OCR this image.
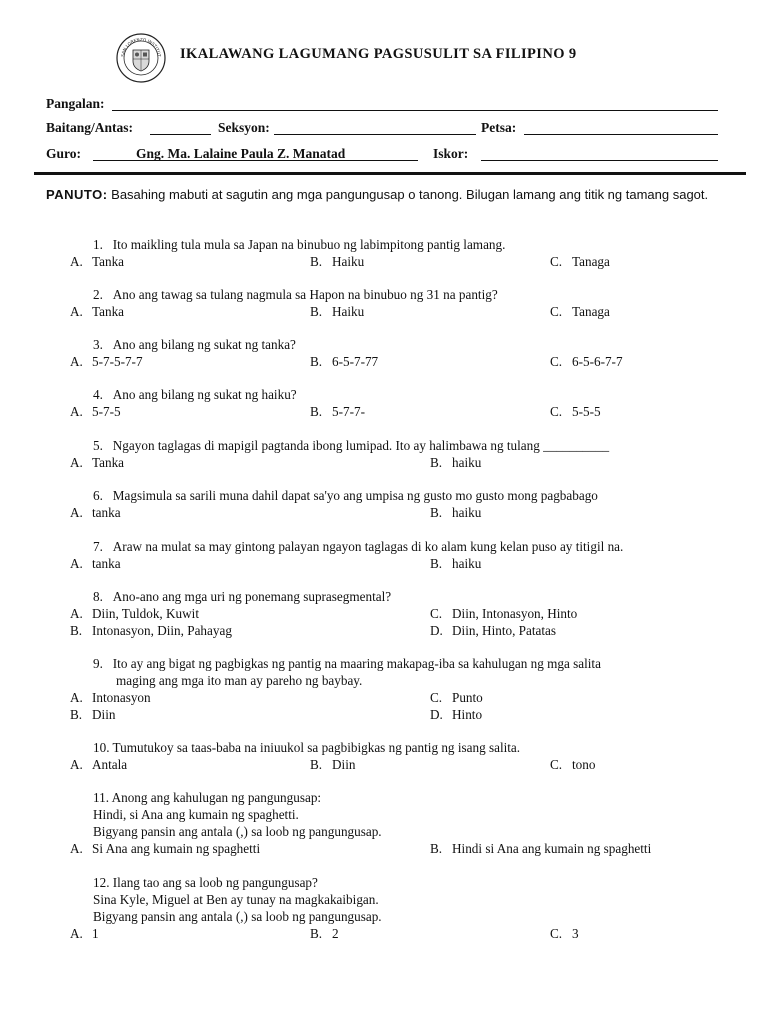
SAN LORENZO INSTITUT IKALAWANG LAGUMANG PAGSUSULIT SA FILIPINO 9
Pangalan:
Baitang/Antas:	Seksyon:	Petsa:
Guro:	Gng. Ma. Lalaine Paula Z. Manatad	Iskor:
PANUTO: Basahing mabuti at sagutin ang mga pangungusap o tanong. Bilugan lamang ang titik ng tamang sagot.
1. Ito maikling tula mula sa Japan na binubuo ng labimpitong pantig lamang.
A. Tanka	B. Haiku	C. Tanaga
2. Ano ang tawag sa tulang nagmula sa Hapon na binubuo ng 31 na pantig?
A. Tanka	B. Haiku	C. Tanaga
3. Ano ang bilang ng sukat ng tanka?
A. 5-7-5-7-7	B. 6-5-7-77	C. 6-5-6-7-7
4. Ano ang bilang ng sukat ng haiku?
A. 5-7-5	B. 5-7-7-	C. 5-5-5
5. Ngayon taglagas di mapigil pagtanda ibong lumipad. Ito ay halimbawa ng tulang __________
A. Tanka	B. haiku
6. Magsimula sa sarili muna dahil dapat sa'yo ang umpisa ng gusto mo gusto mong pagbabago
A. tanka	B. haiku
7. Araw na mulat sa may gintong palayan ngayon taglagas di ko alam kung kelan puso ay titigil na.
A. tanka	B. haiku
8. Ano-ano ang mga uri ng ponemang suprasegmental?
A. Diin, Tuldok, Kuwit	C. Diin, Intonasyon, Hinto
B. Intonasyon, Diin, Pahayag	D. Diin, Hinto, Patatas
9. Ito ay ang bigat ng pagbigkas ng pantig na maaring makapag-iba sa kahulugan ng mga salita
maging ang mga ito man ay pareho ng baybay.
A. Intonasyon	C. Punto
B. Diin	D. Hinto
10. Tumutukoy sa taas-baba na iniuukol sa pagbibigkas ng pantig ng isang salita.
A. Antala	B. Diin	C. tono
11. Anong ang kahulugan ng pangungusap:
Hindi, si Ana ang kumain ng spaghetti.
Bigyang pansin ang antala (,) sa loob ng pangungusap.
A. Si Ana ang kumain ng spaghetti	B. Hindi si Ana ang kumain ng spaghetti
12. Ilang tao ang sa loob ng pangungusap?
Sina Kyle, Miguel at Ben ay tunay na magkakaibigan.
Bigyang pansin ang antala (,) sa loob ng pangungusap.
A. 1	B. 2	C. 3
